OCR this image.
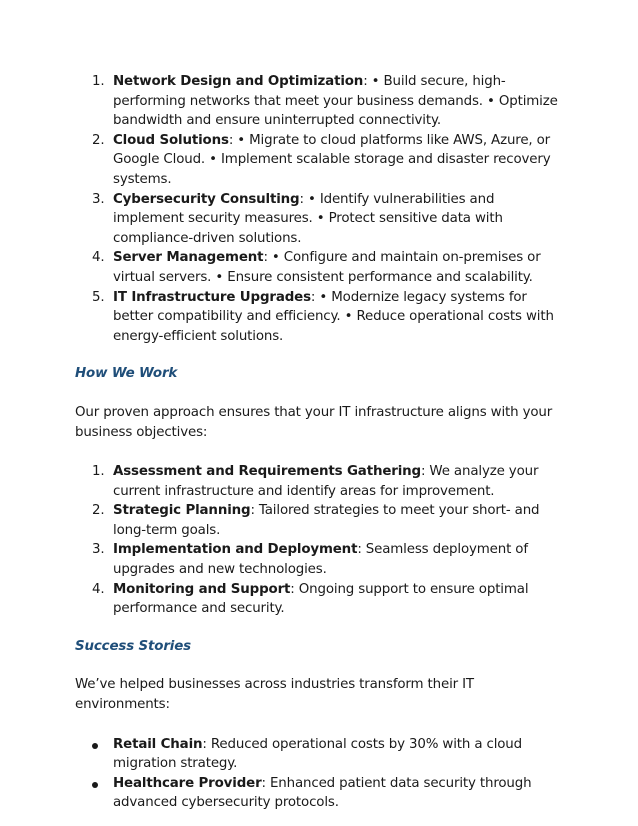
1. Network Design and Optimization: • Build secure, high-performing networks that meet your business demands. • Optimize bandwidth and ensure uninterrupted connectivity.
2. Cloud Solutions: • Migrate to cloud platforms like AWS, Azure, or Google Cloud. • Implement scalable storage and disaster recovery systems.
3. Cybersecurity Consulting: • Identify vulnerabilities and implement security measures. • Protect sensitive data with compliance-driven solutions.
4. Server Management: • Configure and maintain on-premises or virtual servers. • Ensure consistent performance and scalability.
5. IT Infrastructure Upgrades: • Modernize legacy systems for better compatibility and efficiency. • Reduce operational costs with energy-efficient solutions.
How We Work

Our proven approach ensures that your IT infrastructure aligns with your business objectives:

1. Assessment and Requirements Gathering: We analyze your current infrastructure and identify areas for improvement.
2. Strategic Planning: Tailored strategies to meet your short- and long-term goals.
3. Implementation and Deployment: Seamless deployment of upgrades and new technologies.
4. Monitoring and Support: Ongoing support to ensure optimal performance and security.
Success Stories

We’ve helped businesses across industries transform their IT environments:

Retail Chain: Reduced operational costs by 30% with a cloud migration strategy.
Healthcare Provider: Enhanced patient data security through advanced cybersecurity protocols.
